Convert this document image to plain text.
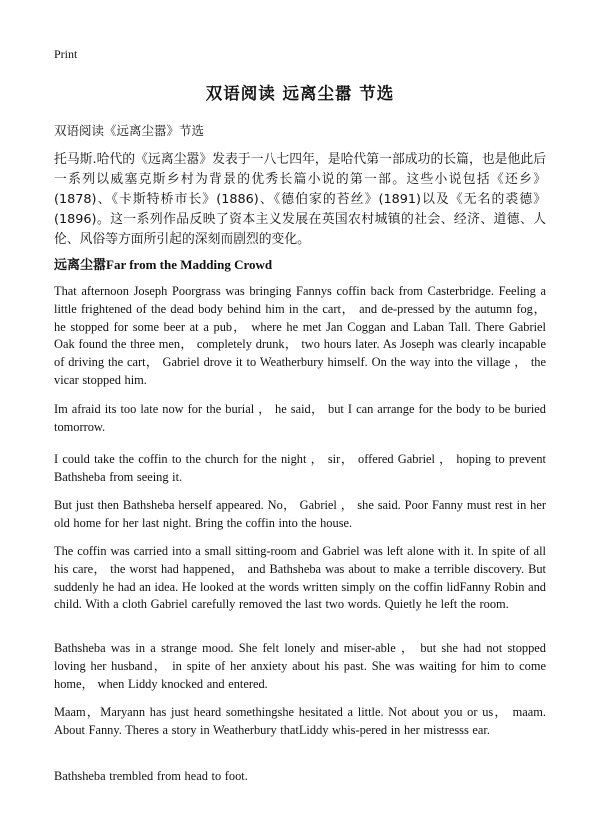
Print
双语阅读 远离尘嚣 节选
双语阅读《远离尘嚣》节选

托马斯.哈代的《远离尘嚣》发表于一八七四年，是哈代第一部成功的长篇，也是他此后一系列以威塞克斯乡村为背景的优秀长篇小说的第一部。这些小说包括《还乡》(1878)、《卡斯特桥市长》(1886)、《德伯家的苔丝》(1891)以及《无名的裘德》(1896)。这一系列作品反映了资本主义发展在英国农村城镇的社会、经济、道德、人伦、风俗等方面所引起的深刻而剧烈的变化。

远离尘嚣Far from the Madding Crowd

That afternoon Joseph Poorgrass was bringing Fannys coffin back from Casterbridge. Feeling a little frightened of the dead body behind him in the cart， and de-pressed by the autumn fog， he stopped for some beer at a pub， where he met Jan Coggan and Laban Tall. There Gabriel Oak found the three men， completely drunk， two hours later. As Joseph was clearly incapable of driving the cart， Gabriel drove it to Weatherbury himself. On the way into the village ， the vicar stopped him.

Im afraid its too late now for the burial ， he said， but I can arrange for the body to be buried tomorrow.

I could take the coffin to the church for the night ， sir， offered Gabriel ， hoping to prevent Bathsheba from seeing it.

But just then Bathsheba herself appeared. No， Gabriel ， she said. Poor Fanny must rest in her old home for her last night. Bring the coffin into the house.

The coffin was carried into a small sitting-room and Gabriel was left alone with it. In spite of all his care， the worst had happened， and Bathsheba was about to make a terrible discovery. But suddenly he had an idea. He looked at the words written simply on the coffin lidFanny Robin and child. With a cloth Gabriel carefully removed the last two words. Quietly he left the room.

Bathsheba was in a strange mood. She felt lonely and miser-able ， but she had not stopped loving her husband， in spite of her anxiety about his past. She was waiting for him to come home， when Liddy knocked and entered.

Maam，Maryann has just heard somethingshe hesitated a little. Not about you or us， maam. About Fanny. Theres a story in Weatherbury thatLiddy whis-pered in her mistresss ear.

Bathsheba trembled from head to foot.
